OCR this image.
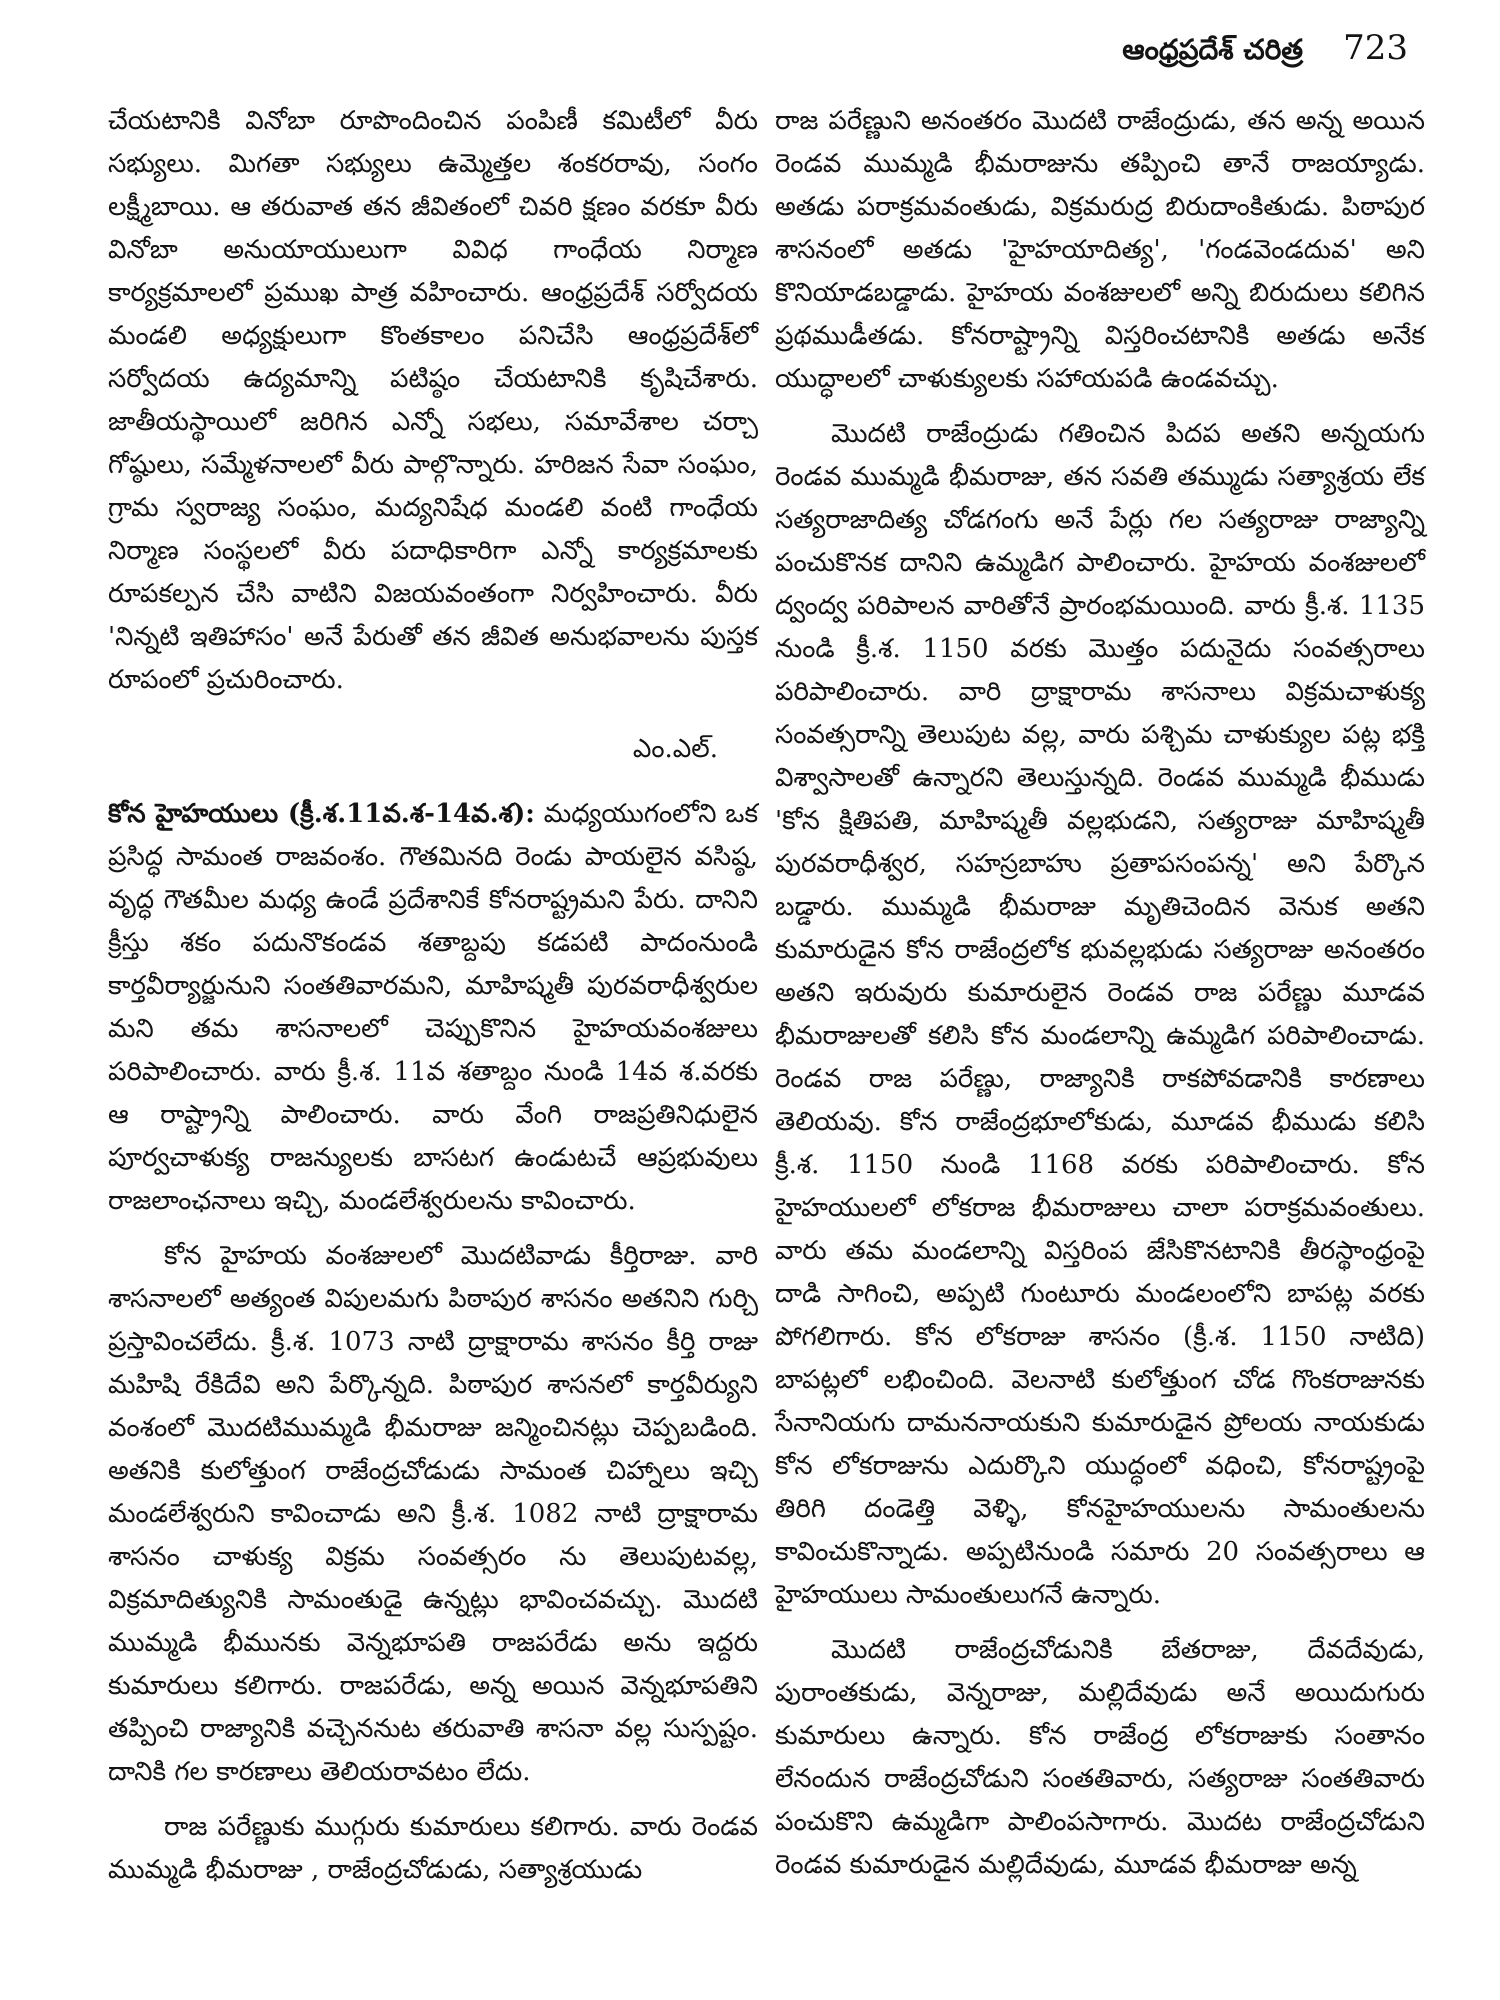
ఆంధ్రప్రదేశ్ చరిత్ర 723

చేయటానికి వినోబా రూపొందించిన పంపిణీ కమిటీలో వీరు సభ్యులు. మిగతా సభ్యులు ఉమ్మెత్తల శంకరరావు, సంగం లక్ష్మీబాయి. ఆ తరువాత తన జీవితంలో చివరి క్షణం వరకూ వీరు వినోబా అనుయాయులుగా వివిధ గాంధేయ నిర్మాణ కార్యక్రమాలలో ప్రముఖ పాత్ర వహించారు. ఆంధ్రప్రదేశ్ సర్వోదయ మండలి అధ్యక్షులుగా కొంతకాలం పనిచేసి ఆంధ్రప్రదేశ్‌లో సర్వోదయ ఉద్యమాన్ని పటిష్ఠం చేయటానికి కృషిచేశారు. జాతీయస్థాయిలో జరిగిన ఎన్నో సభలు, సమావేశాల చర్చా గోష్ఠులు, సమ్మేళనాలలో వీరు పాల్గొన్నారు. హరిజన సేవా సంఘం, గ్రామ స్వరాజ్య సంఘం, మద్యనిషేధ మండలి వంటి గాంధేయ నిర్మాణ సంస్థలలో వీరు పదాధికారిగా ఎన్నో కార్యక్రమాలకు రూపకల్పన చేసి వాటిని విజయవంతంగా నిర్వహించారు. వీరు 'నిన్నటి ఇతిహాసం' అనే పేరుతో తన జీవిత అనుభవాలను పుస్తక రూపంలో ప్రచురించారు.

ఎం.ఎల్.

కోన హైహయులు (క్రీ.శ.11వ.శ-14వ.శ): మధ్యయుగంలోని ఒక ప్రసిద్ధ సామంత రాజవంశం. గౌతమినది రెండు పాయలైన వసిష్ఠ, వృద్ధ గౌతమీల మధ్య ఉండే ప్రదేశానికే కోనరాష్ట్రమని పేరు. దానిని క్రీస్తు శకం పదునొకండవ శతాబ్దపు కడపటి పాదంనుండి కార్తవీర్యార్జునుని సంతతివారమని, మాహిష్మతీ పురవరాధీశ్వరుల మని తమ శాసనాలలో చెప్పుకొనిన హైహయవంశజులు పరిపాలించారు. వారు క్రీ.శ. 11వ శతాబ్దం నుండి 14వ శ.వరకు ఆ రాష్ట్రాన్ని పాలించారు. వారు వేంగి రాజప్రతినిధులైన పూర్వచాళుక్య రాజన్యులకు బాసటగ ఉండుటచే ఆప్రభువులు రాజలాంఛనాలు ఇచ్చి, మండలేశ్వరులను కావించారు.

కోన హైహయ వంశజులలో మొదటివాడు కీర్తిరాజు. వారి శాసనాలలో అత్యంత విపులమగు పిఠాపుర శాసనం అతనిని గుర్చి ప్రస్తావించలేదు. క్రీ.శ. 1073 నాటి ద్రాక్షారామ శాసనం కీర్తి రాజు మహిషి రేకిదేవి అని పేర్కొన్నది. పిఠాపుర శాసనలో కార్తవీర్యుని వంశంలో మొదటిముమ్మడి భీమరాజు జన్మించినట్లు చెప్పబడింది. అతనికి కులోత్తుంగ రాజేంద్రచోడుడు సామంత చిహ్నాలు ఇచ్చి మండలేశ్వరుని కావించాడు అని క్రీ.శ. 1082 నాటి ద్రాక్షారామ శాసనం చాళుక్య విక్రమ సంవత్సరం ను తెలుపుటవల్ల, విక్రమాదిత్యునికి సామంతుడై ఉన్నట్లు భావించవచ్చు. మొదటి ముమ్మడి భీమునకు వెన్నభూపతి రాజపరేడు అను ఇద్దరు కుమారులు కలిగారు. రాజపరేడు, అన్న అయిన వెన్నభూపతిని తప్పించి రాజ్యానికి వచ్చెననుట తరువాతి శాసనా వల్ల సుస్పష్టం. దానికి గల కారణాలు తెలియరావటం లేదు.

రాజ పరేణ్ణుకు ముగ్గురు కుమారులు కలిగారు. వారు రెండవ ముమ్మడి భీమరాజు , రాజేంద్రచోడుడు, సత్యాశ్రయుడు

రాజ పరేణ్ణుని అనంతరం మొదటి రాజేంద్రుడు, తన అన్న అయిన రెండవ ముమ్మడి భీమరాజును తప్పించి తానే రాజయ్యాడు. అతడు పరాక్రమవంతుడు, విక్రమరుద్ర బిరుదాంకితుడు. పిఠాపుర శాసనంలో అతడు 'హైహయాదిత్య', 'గండవెండదువ' అని కొనియాడబడ్డాడు. హైహయ వంశజులలో అన్ని బిరుదులు కలిగిన ప్రథముడీతడు. కోనరాష్ట్రాన్ని విస్తరించటానికి అతడు అనేక యుద్ధాలలో చాళుక్యులకు సహాయపడి ఉండవచ్చు.

మొదటి రాజేంద్రుడు గతించిన పిదప అతని అన్నయగు రెండవ ముమ్మడి భీమరాజు, తన సవతి తమ్ముడు సత్యాశ్రయ లేక సత్యరాజాదిత్య చోడగంగు అనే పేర్లు గల సత్యరాజు రాజ్యాన్ని పంచుకొనక దానిని ఉమ్మడిగ పాలించారు. హైహయ వంశజులలో ద్వంద్వ పరిపాలన వారితోనే ప్రారంభమయింది. వారు క్రీ.శ. 1135 నుండి క్రీ.శ. 1150 వరకు మొత్తం పదునైదు సంవత్సరాలు పరిపాలించారు. వారి ద్రాక్షారామ శాసనాలు విక్రమచాళుక్య సంవత్సరాన్ని తెలుపుట వల్ల, వారు పశ్చిమ చాళుక్యుల పట్ల భక్తి విశ్వాసాలతో ఉన్నారని తెలుస్తున్నది. రెండవ ముమ్మడి భీముడు 'కోన క్షితిపతి, మాహిష్మతీ వల్లభుడని, సత్యరాజు మాహిష్మతీ పురవరాధీశ్వర, సహస్రబాహు ప్రతాపసంపన్న' అని పేర్కొన బడ్డారు. ముమ్మడి భీమరాజు మృతిచెందిన వెనుక అతని కుమారుడైన కోన రాజేంద్రలోక భువల్లభుడు సత్యరాజు అనంతరం అతని ఇరువురు కుమారులైన రెండవ రాజ పరేణ్ణు మూడవ భీమరాజులతో కలిసి కోన మండలాన్ని ఉమ్మడిగ పరిపాలించాడు. రెండవ రాజ పరేణ్ణు, రాజ్యానికి రాకపోవడానికి కారణాలు తెలియవు. కోన రాజేంద్రభూలోకుడు, మూడవ భీముడు కలిసి క్రీ.శ. 1150 నుండి 1168 వరకు పరిపాలించారు. కోన హైహయులలో లోకరాజ భీమరాజులు చాలా పరాక్రమవంతులు. వారు తమ మండలాన్ని విస్తరింప జేసికొనటానికి తీరస్థాంధ్రంపై దాడి సాగించి, అప్పటి గుంటూరు మండలంలోని బాపట్ల వరకు పోగలిగారు. కోన లోకరాజు శాసనం (క్రీ.శ. 1150 నాటిది) బాపట్లలో లభించింది. వెలనాటి కులోత్తుంగ చోడ గొంకరాజునకు సేనానియగు దామననాయకుని కుమారుడైన ప్రోలయ నాయకుడు కోన లోకరాజును ఎదుర్కొని యుద్ధంలో వధించి, కోనరాష్ట్రంపై తిరిగి దండెత్తి వెళ్ళి, కోనహైహయులను సామంతులను కావించుకొన్నాడు. అప్పటినుండి సమారు 20 సంవత్సరాలు ఆ హైహయులు సామంతులుగనే ఉన్నారు.

మొదటి రాజేంద్రచోడునికి బేతరాజు, దేవదేవుడు, పురాంతకుడు, వెన్నరాజు, మల్లిదేవుడు అనే అయిదుగురు కుమారులు ఉన్నారు. కోన రాజేంద్ర లోకరాజుకు సంతానం లేనందున రాజేంద్రచోడుని సంతతివారు, సత్యరాజు సంతతివారు పంచుకొని ఉమ్మడిగా పాలింపసాగారు. మొదట రాజేంద్రచోడుని రెండవ కుమారుడైన మల్లిదేవుడు, మూడవ భీమరాజు అన్న
